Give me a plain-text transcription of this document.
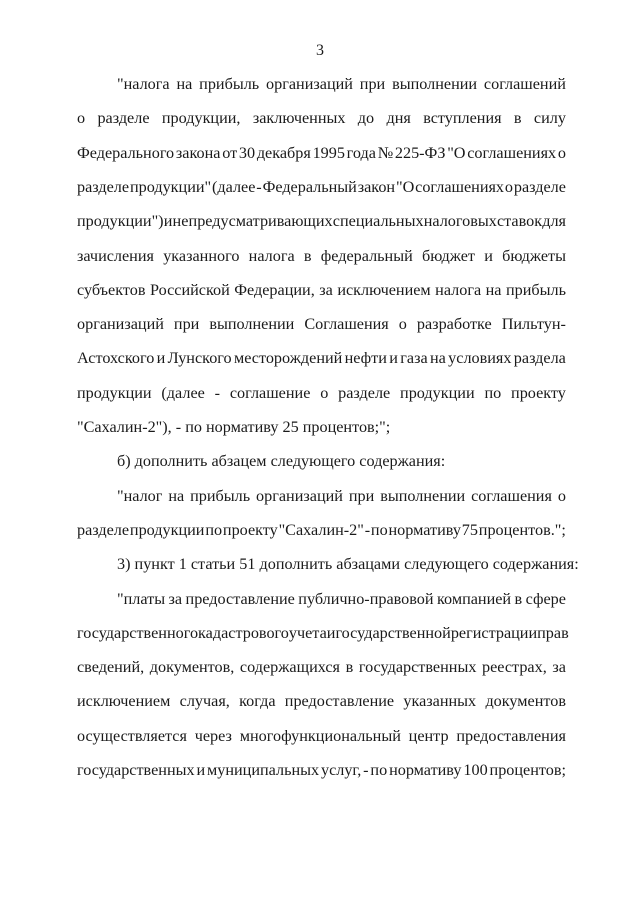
3
"налога на прибыль организаций при выполнении соглашений
о разделе продукции, заключенных до дня вступления в силу
Федерального закона от 30 декабря 1995 года № 225-ФЗ "О соглашениях о
разделе продукции" (далее - Федеральный закон "О соглашениях о разделе
продукции") и не предусматривающих специальных налоговых ставок для
зачисления указанного налога в федеральный бюджет и бюджеты
субъектов Российской Федерации, за исключением налога на прибыль
организаций при выполнении Соглашения о разработке Пильтун-
Астохского и Лунского месторождений нефти и газа на условиях раздела
продукции (далее - соглашение о разделе продукции по проекту
"Сахалин-2"), - по нормативу 25 процентов;";
б) дополнить абзацем следующего содержания:
"налог на прибыль организаций при выполнении соглашения о
разделе продукции по проекту "Сахалин-2" - по нормативу 75 процентов.";
3) пункт 1 статьи 51 дополнить абзацами следующего содержания:
"платы за предоставление публично-правовой компанией в сфере
государственного кадастрового учета и государственной регистрации прав
сведений, документов, содержащихся в государственных реестрах, за
исключением случая, когда предоставление указанных документов
осуществляется через многофункциональный центр предоставления
государственных и муниципальных услуг, - по нормативу 100 процентов;
